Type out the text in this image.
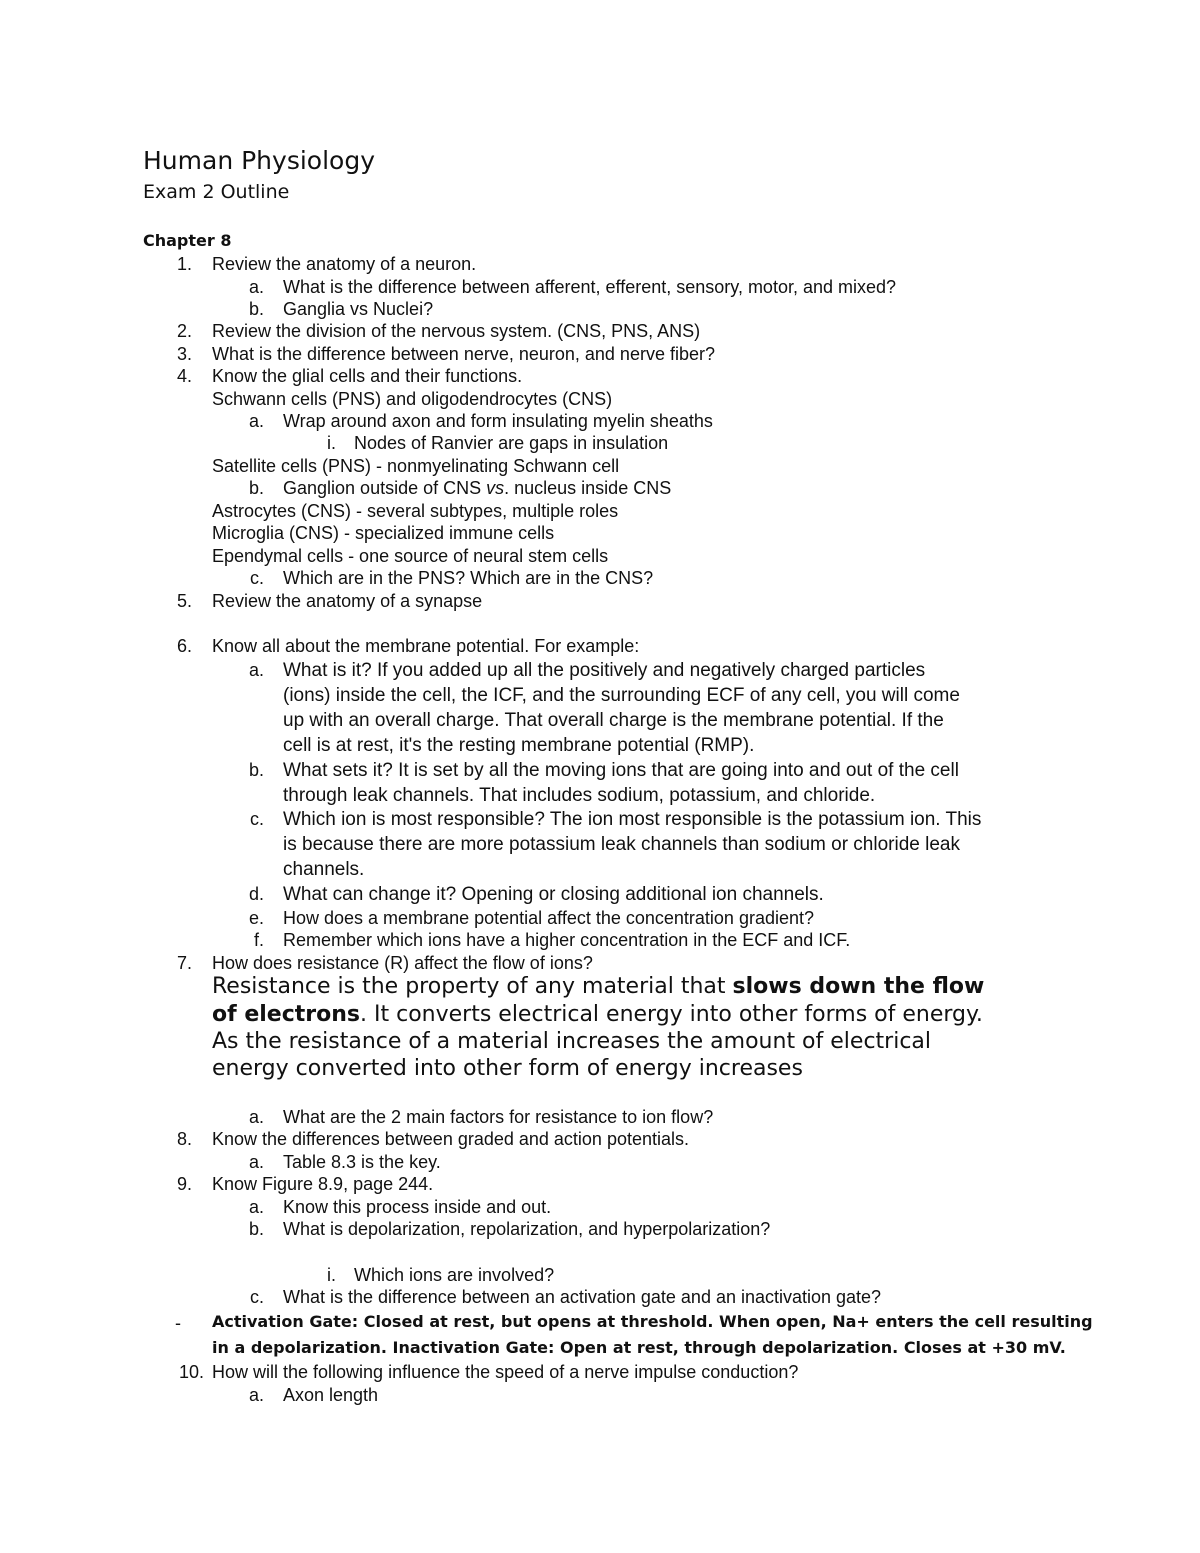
Human Physiology
Exam 2 Outline
Chapter 8
1. Review the anatomy of a neuron.
a. What is the difference between afferent, efferent, sensory, motor, and mixed?
b. Ganglia vs Nuclei?
2. Review the division of the nervous system. (CNS, PNS, ANS)
3. What is the difference between nerve, neuron, and nerve fiber?
4. Know the glial cells and their functions.
Schwann cells (PNS) and oligodendrocytes (CNS)
a. Wrap around axon and form insulating myelin sheaths
i. Nodes of Ranvier are gaps in insulation
Satellite cells (PNS) - nonmyelinating Schwann cell
b. Ganglion outside of CNS vs. nucleus inside CNS
Astrocytes (CNS) - several subtypes, multiple roles
Microglia (CNS) - specialized immune cells
Ependymal cells - one source of neural stem cells
c. Which are in the PNS? Which are in the CNS?
5. Review the anatomy of a synapse
6. Know all about the membrane potential. For example:
a. What is it? If you added up all the positively and negatively charged particles
(ions) inside the cell, the ICF, and the surrounding ECF of any cell, you will come
up with an overall charge. That overall charge is the membrane potential. If the
cell is at rest, it's the resting membrane potential (RMP).
b. What sets it? It is set by all the moving ions that are going into and out of the cell
through leak channels. That includes sodium, potassium, and chloride.
c. Which ion is most responsible? The ion most responsible is the potassium ion. This
is because there are more potassium leak channels than sodium or chloride leak
channels.
d. What can change it? Opening or closing additional ion channels.
e. How does a membrane potential affect the concentration gradient?
f. Remember which ions have a higher concentration in the ECF and ICF.
7. How does resistance (R) affect the flow of ions?
Resistance is the property of any material that slows down the flow
of electrons. It converts electrical energy into other forms of energy.
As the resistance of a material increases the amount of electrical
energy converted into other form of energy increases
a. What are the 2 main factors for resistance to ion flow?
8. Know the differences between graded and action potentials.
a. Table 8.3 is the key.
9. Know Figure 8.9, page 244.
a. Know this process inside and out.
b. What is depolarization, repolarization, and hyperpolarization?
i. Which ions are involved?
c. What is the difference between an activation gate and an inactivation gate?
- Activation Gate: Closed at rest, but opens at threshold. When open, Na+ enters the cell resulting
in a depolarization. Inactivation Gate: Open at rest, through depolarization. Closes at +30 mV.
10. How will the following influence the speed of a nerve impulse conduction?
a. Axon length
